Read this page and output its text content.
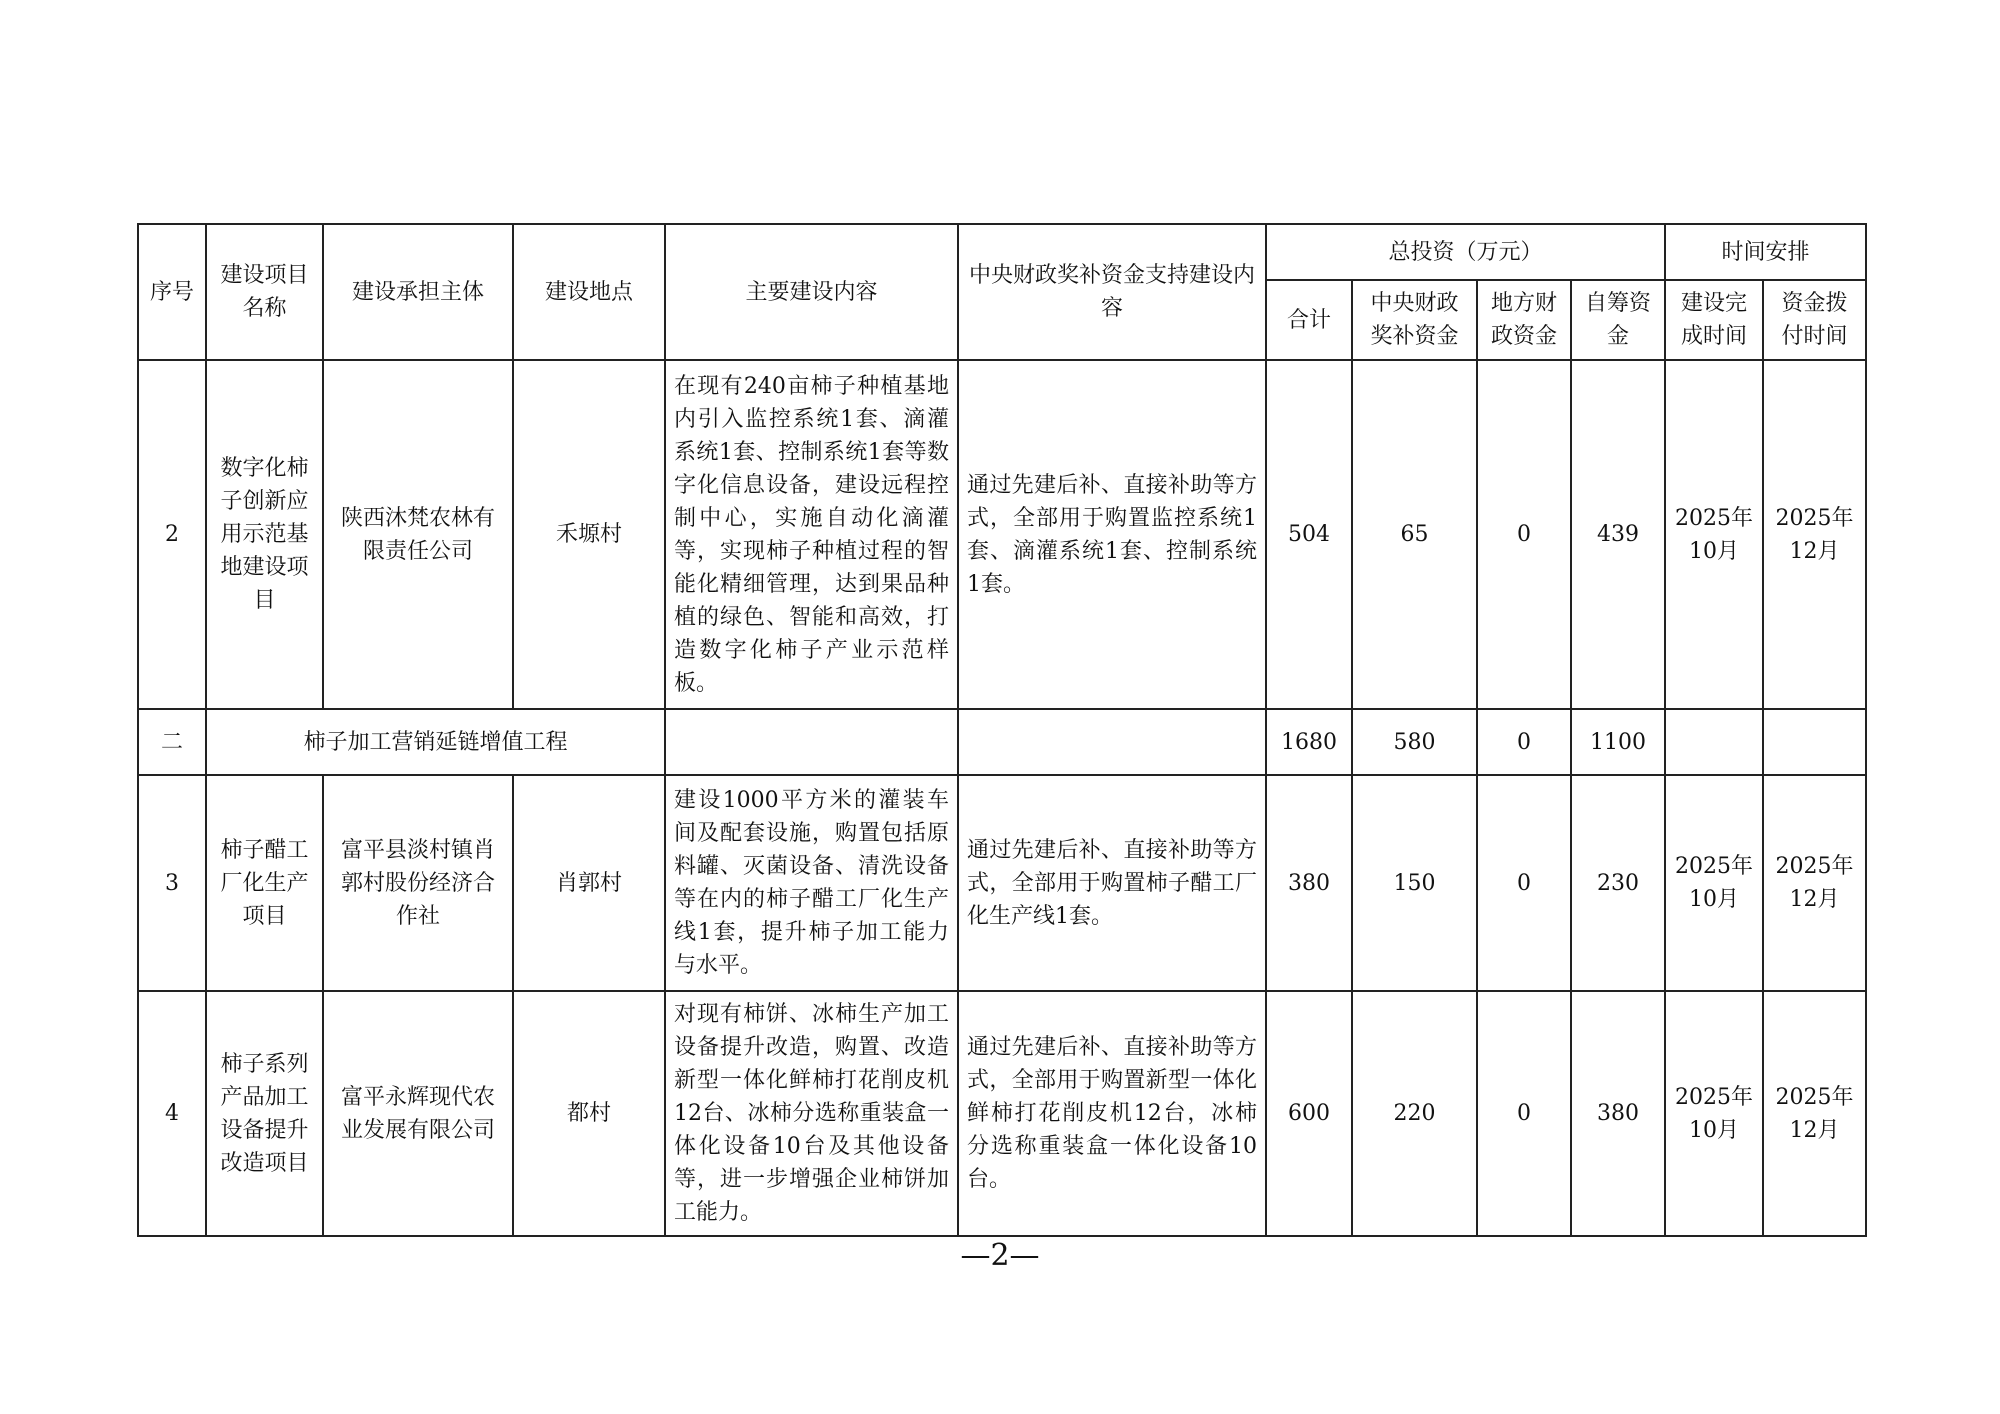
序号	建设项目名称	建设承担主体	建设地点	主要建设内容	中央财政奖补资金支持建设内容	总投资（万元）				时间安排	
						合计	中央财政奖补资金	地方财政资金	自筹资金	建设完成时间	资金拨付时间
2	数字化柿子创新应用示范基地建设项目	陕西沐梵农林有限责任公司	禾塬村	在现有240亩柿子种植基地内引入监控系统1套、滴灌系统1套、控制系统1套等数字化信息设备，建设远程控制中心，实施自动化滴灌等，实现柿子种植过程的智能化精细管理，达到果品种植的绿色、智能和高效，打造数字化柿子产业示范样板。	通过先建后补、直接补助等方式，全部用于购置监控系统1套、滴灌系统1套、控制系统1套。	504	65	0	439	2025年10月	2025年12月
二	柿子加工营销延链增值工程					1680	580	0	1100		
3	柿子醋工厂化生产项目	富平县淡村镇肖郭村股份经济合作社	肖郭村	建设1000平方米的灌装车间及配套设施，购置包括原料罐、灭菌设备、清洗设备等在内的柿子醋工厂化生产线1套，提升柿子加工能力与水平。	通过先建后补、直接补助等方式，全部用于购置柿子醋工厂化生产线1套。	380	150	0	230	2025年10月	2025年12月
4	柿子系列产品加工设备提升改造项目	富平永辉现代农业发展有限公司	都村	对现有柿饼、冰柿生产加工设备提升改造，购置、改造新型一体化鲜柿打花削皮机12台、冰柿分选称重装盒一体化设备10台及其他设备等，进一步增强企业柿饼加工能力。	通过先建后补、直接补助等方式，全部用于购置新型一体化鲜柿打花削皮机12台，冰柿分选称重装盒一体化设备10台。	600	220	0	380	2025年10月	2025年12月
—2—
